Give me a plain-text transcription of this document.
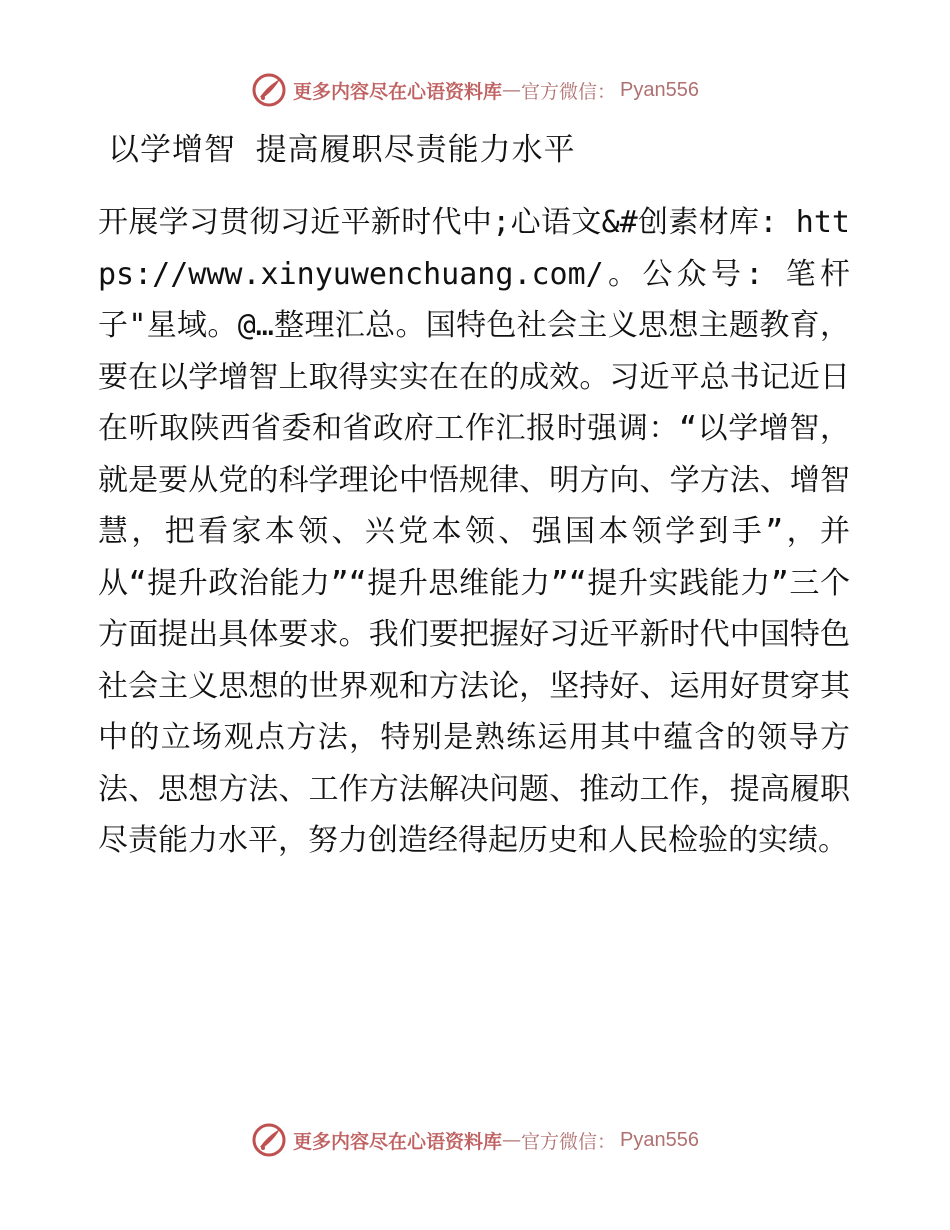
更多内容尽在心语资料库 — 官方微信： Pyan556
以学增智 提高履职尽责能力水平
开展学习贯彻习近平新时代中;心语文&#创素材库: https://www.xinyuwenchuang.com/。公众号: 笔杆子"星域。@…整理汇总。国特色社会主义思想主题教育，要在以学增智上取得实实在在的成效。习近平总书记近日在听取陕西省委和省政府工作汇报时强调：“以学增智，就是要从党的科学理论中悟规律、明方向、学方法、增智慧，把看家本领、兴党本领、强国本领学到手”，并从“提升政治能力”“提升思维能力”“提升实践能力”三个方面提出具体要求。我们要把握好习近平新时代中国特色社会主义思想的世界观和方法论，坚持好、运用好贯穿其中的立场观点方法，特别是熟练运用其中蕴含的领导方法、思想方法、工作方法解决问题、推动工作，提高履职尽责能力水平，努力创造经得起历史和人民检验的实绩。
更多内容尽在心语资料库 — 官方微信： Pyan556
